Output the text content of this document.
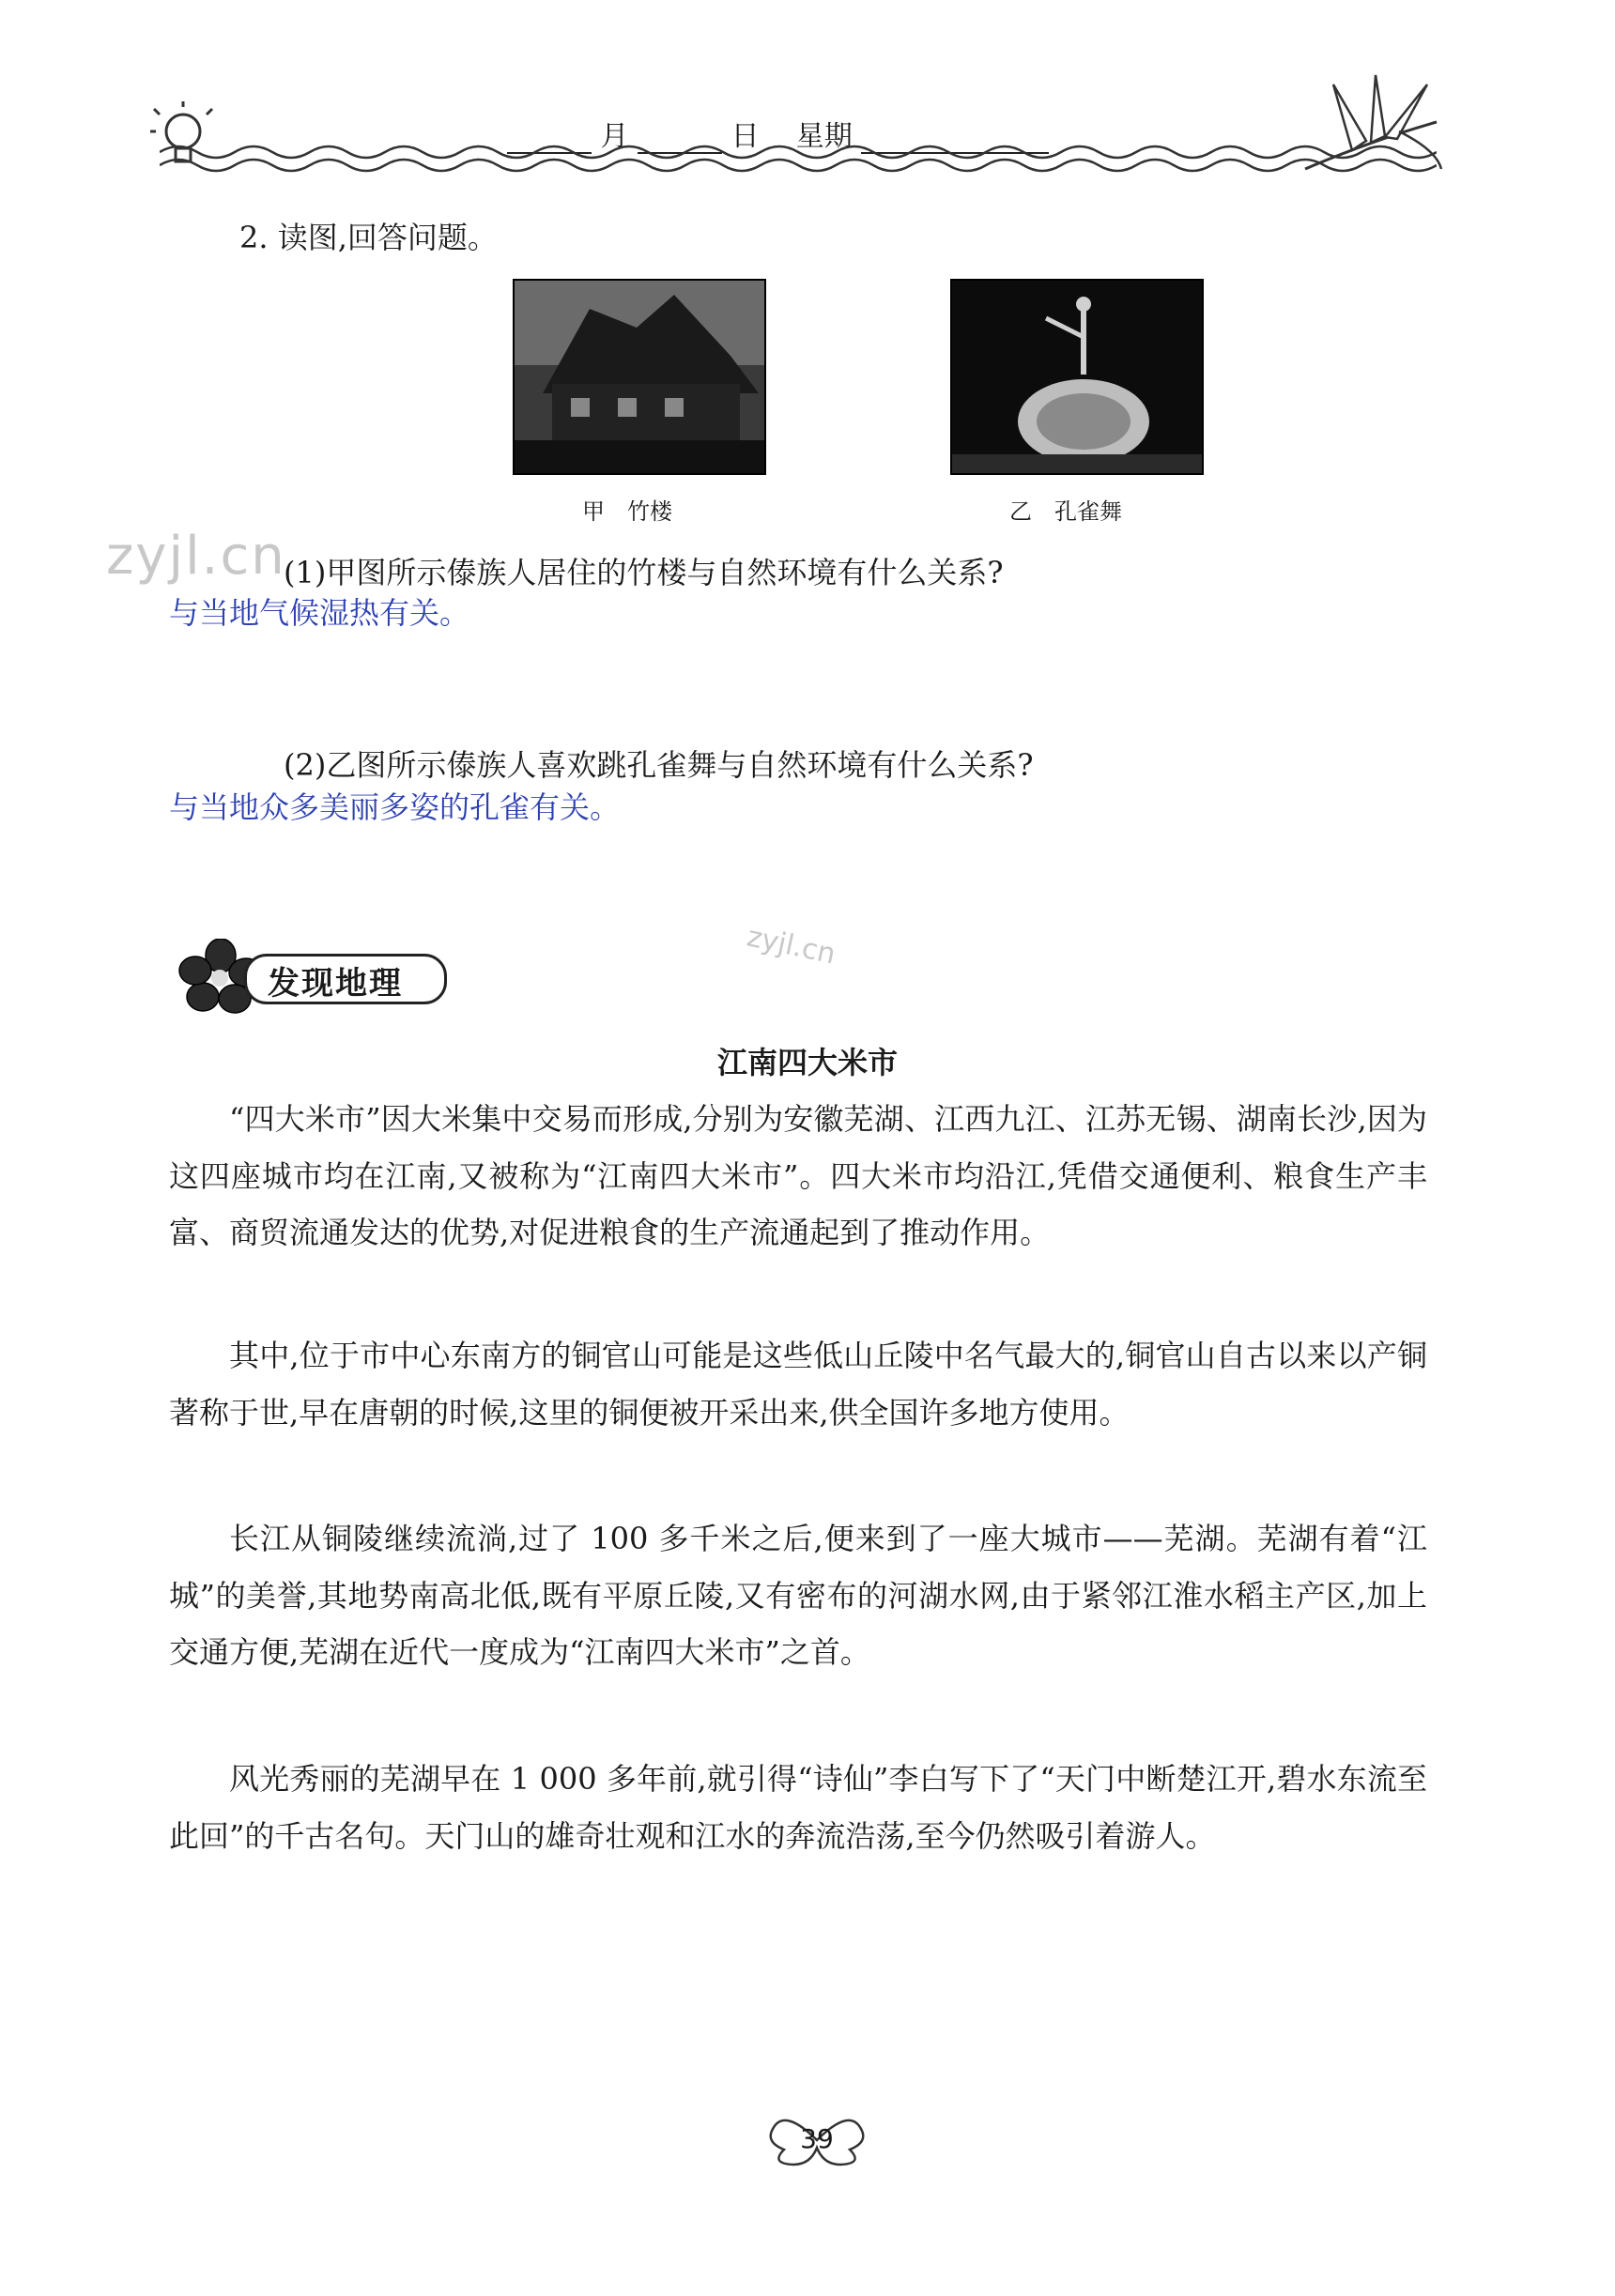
月	日 星期
2. 读图,回答问题。
甲　竹楼	乙　孔雀舞
zyjl.cn
(1)甲图所示傣族人居住的竹楼与自然环境有什么关系?
与当地气候湿热有关。
(2)乙图所示傣族人喜欢跳孔雀舞与自然环境有什么关系?
与当地众多美丽多姿的孔雀有关。
zyjl.cn
发现地理
江南四大米市

“四大米市”因大米集中交易而形成,分别为安徽芜湖、江西九江、江苏无锡、湖南长沙,因为这四座城市均在江南,又被称为“江南四大米市”。四大米市均沿江,凭借交通便利、粮食生产丰富、商贸流通发达的优势,对促进粮食的生产流通起到了推动作用。

其中,位于市中心东南方的铜官山可能是这些低山丘陵中名气最大的,铜官山自古以来以产铜著称于世,早在唐朝的时候,这里的铜便被开采出来,供全国许多地方使用。

长江从铜陵继续流淌,过了 100 多千米之后,便来到了一座大城市——芜湖。芜湖有着“江城”的美誉,其地势南高北低,既有平原丘陵,又有密布的河湖水网,由于紧邻江淮水稻主产区,加上交通方便,芜湖在近代一度成为“江南四大米市”之首。

风光秀丽的芜湖早在 1 000 多年前,就引得“诗仙”李白写下了“天门中断楚江开,碧水东流至此回”的千古名句。天门山的雄奇壮观和江水的奔流浩荡,至今仍然吸引着游人。

39
